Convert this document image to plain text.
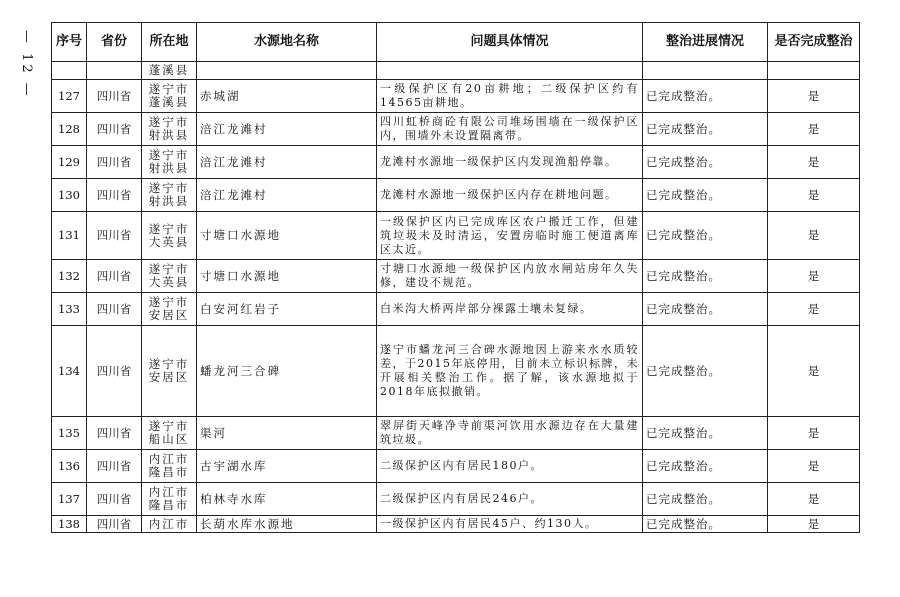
— 12 — 序号	省份	所在地	水源地名称	问题具体情况	整治进展情况	是否完成整治
		蓬溪县				
127	四川省	遂宁市蓬溪县	赤城湖	一级保护区有20亩耕地；二级保护区约有14565亩耕地。	已完成整治。	是
128	四川省	遂宁市射洪县	涪江龙滩村	四川虹桥商砼有限公司堆场围墙在一级保护区内，围墙外未设置隔离带。	已完成整治。	是
129	四川省	遂宁市射洪县	涪江龙滩村	龙滩村水源地一级保护区内发现渔船停靠。	已完成整治。	是
130	四川省	遂宁市射洪县	涪江龙滩村	龙滩村水源地一级保护区内存在耕地问题。	已完成整治。	是
131	四川省	遂宁市大英县	寸塘口水源地	一级保护区内已完成库区农户搬迁工作，但建筑垃圾未及时清运，安置房临时施工便道离库区太近。	已完成整治。	是
132	四川省	遂宁市大英县	寸塘口水源地	寸塘口水源地一级保护区内放水闸站房年久失修，建设不规范。	已完成整治。	是
133	四川省	遂宁市安居区	白安河红岩子	白米沟大桥两岸部分裸露土壤未复绿。	已完成整治。	是
134	四川省	遂宁市安居区	蟠龙河三合碑	遂宁市蟠龙河三合碑水源地因上游来水水质较差，于2015年底停用，目前未立标识标牌，未开展相关整治工作。据了解，该水源地拟于2018年底拟撤销。	已完成整治。	是
135	四川省	遂宁市船山区	渠河	翠屏街天峰净寺前渠河饮用水源边存在大量建筑垃圾。	已完成整治。	是
136	四川省	内江市隆昌市	古宇湖水库	二级保护区内有居民180户。	已完成整治。	是
137	四川省	内江市隆昌市	柏林寺水库	二级保护区内有居民246户。	已完成整治。	是
138	四川省	内江市	长葫水库水源地	一级保护区内有居民45户、约130人。	已完成整治。	是
